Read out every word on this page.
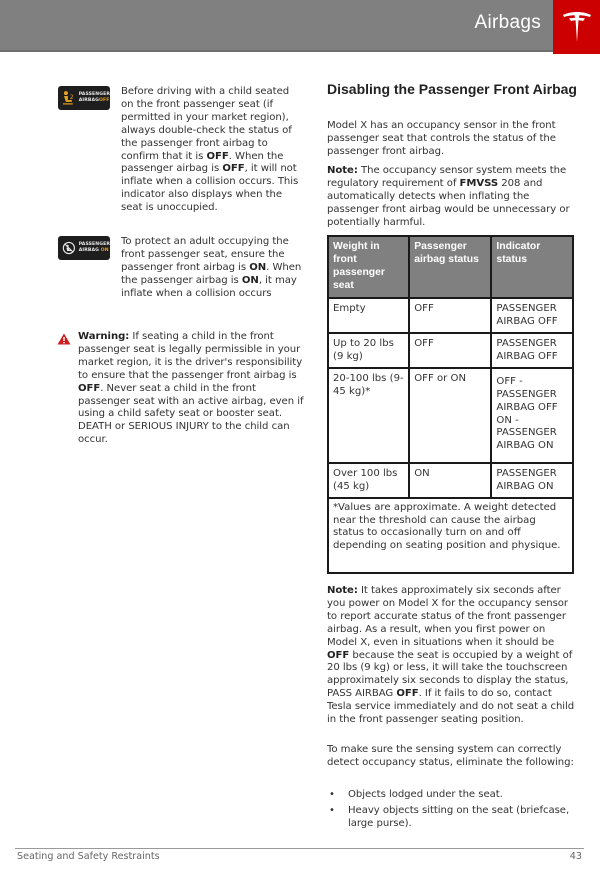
Airbags
2
PASSENGER
AIRBAGOFF
Before driving with a child seated on the front passenger seat (if permitted in your market region), always double-check the status of the passenger front airbag to confirm that it is OFF. When the passenger airbag is OFF, it will not inflate when a collision occurs. This indicator also displays when the seat is unoccupied.
PASSENGER
AIRBAG ON
To protect an adult occupying the front passenger seat, ensure the passenger front airbag is ON. When the passenger airbag is ON, it may inflate when a collision occurs
Warning: If seating a child in the front passenger seat is legally permissible in your market region, it is the driver's responsibility to ensure that the passenger front airbag is OFF. Never seat a child in the front passenger seat with an active airbag, even if using a child safety seat or booster seat. DEATH or SERIOUS INJURY to the child can occur.
Disabling the Passenger Front Airbag

Model X has an occupancy sensor in the front passenger seat that controls the status of the passenger front airbag.

Note: The occupancy sensor system meets the regulatory requirement of FMVSS 208 and automatically detects when inflating the passenger front airbag would be unnecessary or potentially harmful.

Weight in front passenger seat	Passenger airbag status	Indicator status
Empty	OFF	PASSENGER AIRBAG OFF
Up to 20 lbs (9 kg)	OFF	PASSENGER AIRBAG OFF
20-100 lbs (9-45 kg)*	OFF or ON	OFF -
PASSENGER AIRBAG OFF
ON -
PASSENGER AIRBAG ON

Over 100 lbs (45 kg)	ON	PASSENGER AIRBAG ON
*Values are approximate. A weight detected near the threshold can cause the airbag status to occasionally turn on and off depending on seating position and physique.		

Note: It takes approximately six seconds after you power on Model X for the occupancy sensor to report accurate status of the front passenger airbag. As a result, when you first power on Model X, even in situations when it should be OFF because the seat is occupied by a weight of 20 lbs (9 kg) or less, it will take the touchscreen approximately six seconds to display the status, PASS AIRBAG OFF. If it fails to do so, contact Tesla service immediately and do not seat a child in the front passenger seating position.

To make sure the sensing system can correctly detect occupancy status, eliminate the following:

• Objects lodged under the seat.
• Heavy objects sitting on the seat (briefcase, large purse).
Seating and Safety Restraints	43
